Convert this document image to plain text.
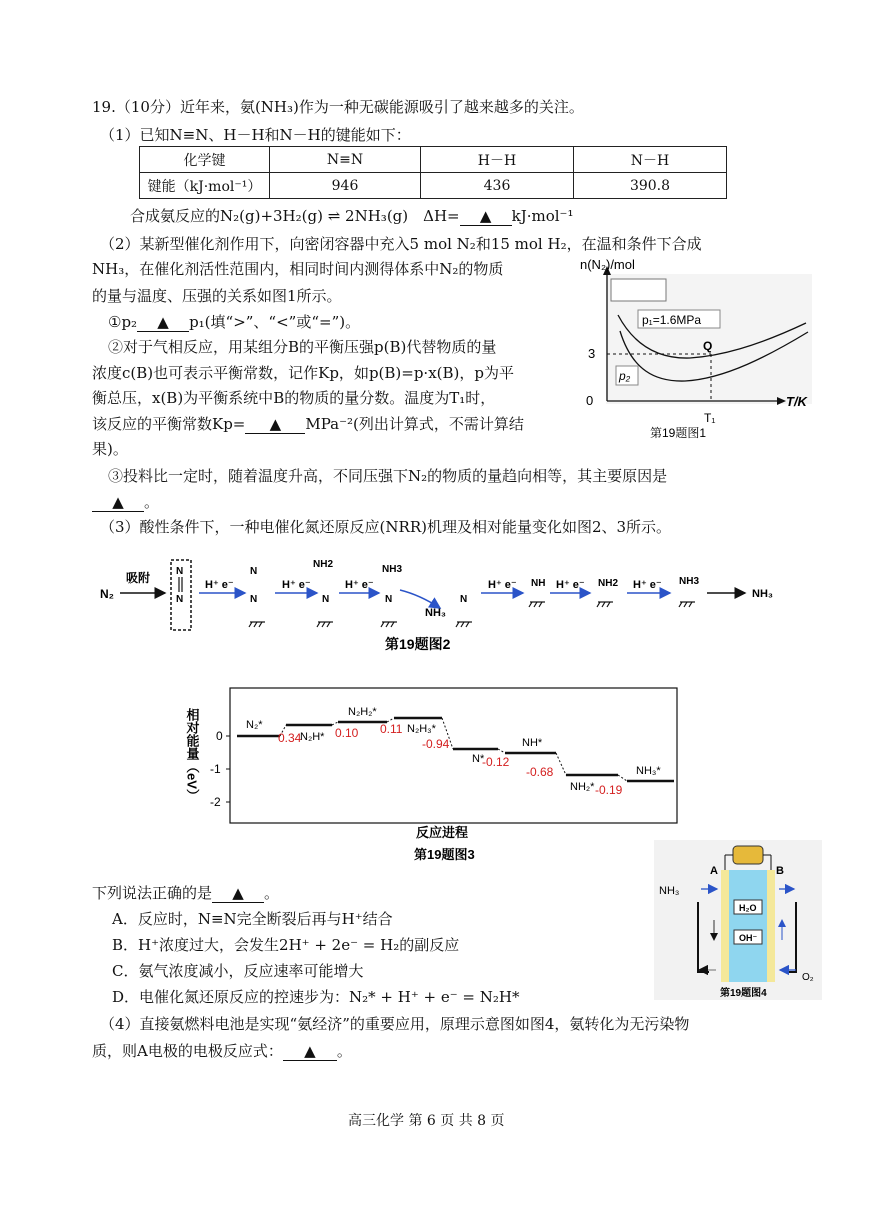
19.（10分）近年来，氨(NH₃)作为一种无碳能源吸引了越来越多的关注。
（1）已知N≡N、H－H和N－H的键能如下：
化学键	N≡N	H－H	N－H
键能（kJ·mol⁻¹）	946	436	390.8
合成氨反应的N₂(g)+3H₂(g) ⇌ 2NH₃(g)　ΔH= ▲ kJ·mol⁻¹
（2）某新型催化剂作用下，向密闭容器中充入5 mol N₂和15 mol H₂，在温和条件下合成
NH₃，在催化剂活性范围内，相同时间内测得体系中N₂的物质
的量与温度、压强的关系如图1所示。
①p₂ ▲ p₁(填“>”、“<”或“=”)。
②对于气相反应，用某组分B的平衡压强p(B)代替物质的量
浓度c(B)也可表示平衡常数，记作Kp，如p(B)=p·x(B)，p为平
衡总压，x(B)为平衡系统中B的物质的量分数。温度为T₁时，
该反应的平衡常数Kp= ▲ MPa⁻²(列出计算式，不需计算结
果)。
③投料比一定时，随着温度升高，不同压强下N₂的物质的量趋向相等，其主要原因是
▲ 。
（3）酸性条件下，一种电催化氮还原反应(NRR)机理及相对能量变化如图2、3所示。
n(N₂)/mol
T/K
0
3
T₁
p₁=1.6MPa
p₂
Q
第19题图1
N₂
吸附	N
N
H⁺ e⁻
N
N
H⁺ e⁻
NH2
N
H⁺ e⁻
NH3
N
NH₃
N
H⁺ e⁻ NH H⁺ e⁻ NH2 H⁺ e⁻ NH3
NH₃
第19题图2
0
-1
-2
相对能量（eV）	N₂*
N₂H*
N₂H₂*
N₂H₃*
N*
NH*
NH₂*
NH₃*
0.34	0.10 0.11
-0.94
-0.12
-0.68
-0.19
反应进程
第19题图3
A	B
NH₃
H₂O
OH⁻
O₂
第19题图4
下列说法正确的是 ▲ 。
A．反应时，N≡N完全断裂后再与H⁺结合
B．H⁺浓度过大，会发生2H⁺ + 2e⁻ = H₂的副反应
C．氨气浓度减小，反应速率可能增大
D．电催化氮还原反应的控速步为：N₂* + H⁺ + e⁻ = N₂H*
（4）直接氨燃料电池是实现“氨经济”的重要应用，原理示意图如图4，氨转化为无污染物
质，则A电极的电极反应式： ▲ 。
高三化学 第 6 页 共 8 页
